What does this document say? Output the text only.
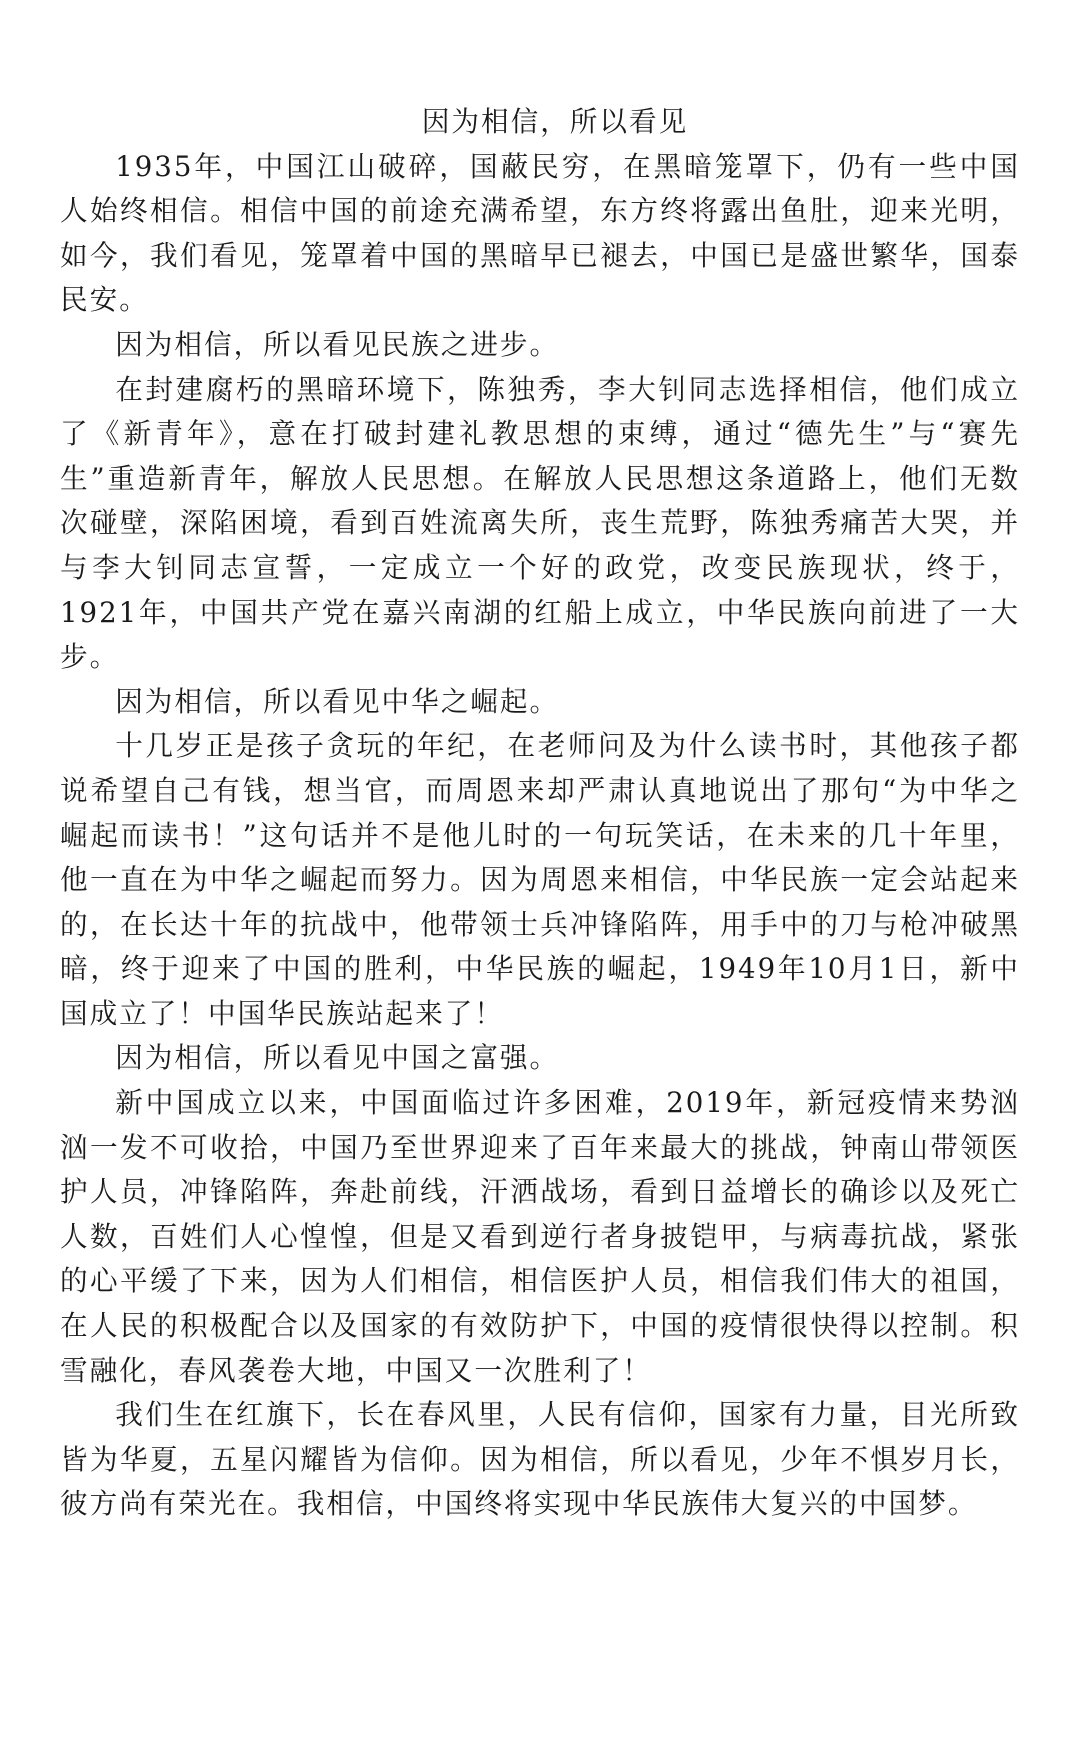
因为相信，所以看见

1935年，中国江山破碎，国蔽民穷，在黑暗笼罩下，仍有一些中国人始终相信。相信中国的前途充满希望，东方终将露出鱼肚，迎来光明，如今，我们看见，笼罩着中国的黑暗早已褪去，中国已是盛世繁华，国泰民安。

因为相信，所以看见民族之进步。

在封建腐朽的黑暗环境下，陈独秀，李大钊同志选择相信，他们成立了《新青年》，意在打破封建礼教思想的束缚，通过“德先生”与“赛先生”重造新青年，解放人民思想。在解放人民思想这条道路上，他们无数次碰壁，深陷困境，看到百姓流离失所，丧生荒野，陈独秀痛苦大哭，并与李大钊同志宣誓，一定成立一个好的政党，改变民族现状，终于，1921年，中国共产党在嘉兴南湖的红船上成立，中华民族向前进了一大步。

因为相信，所以看见中华之崛起。

十几岁正是孩子贪玩的年纪，在老师问及为什么读书时，其他孩子都说希望自己有钱，想当官，而周恩来却严肃认真地说出了那句“为中华之崛起而读书！”这句话并不是他儿时的一句玩笑话，在未来的几十年里，他一直在为中华之崛起而努力。因为周恩来相信，中华民族一定会站起来的，在长达十年的抗战中，他带领士兵冲锋陷阵，用手中的刀与枪冲破黑暗，终于迎来了中国的胜利，中华民族的崛起，1949年10月1日，新中国成立了！中国华民族站起来了！

因为相信，所以看见中国之富强。

新中国成立以来，中国面临过许多困难，2019年，新冠疫情来势汹汹一发不可收拾，中国乃至世界迎来了百年来最大的挑战，钟南山带领医护人员，冲锋陷阵，奔赴前线，汗洒战场，看到日益增长的确诊以及死亡人数，百姓们人心惶惶，但是又看到逆行者身披铠甲，与病毒抗战，紧张的心平缓了下来，因为人们相信，相信医护人员，相信我们伟大的祖国，在人民的积极配合以及国家的有效防护下，中国的疫情很快得以控制。积雪融化，春风袭卷大地，中国又一次胜利了！

我们生在红旗下，长在春风里，人民有信仰，国家有力量，目光所致皆为华夏，五星闪耀皆为信仰。因为相信，所以看见，少年不惧岁月长，彼方尚有荣光在。我相信，中国终将实现中华民族伟大复兴的中国梦。
